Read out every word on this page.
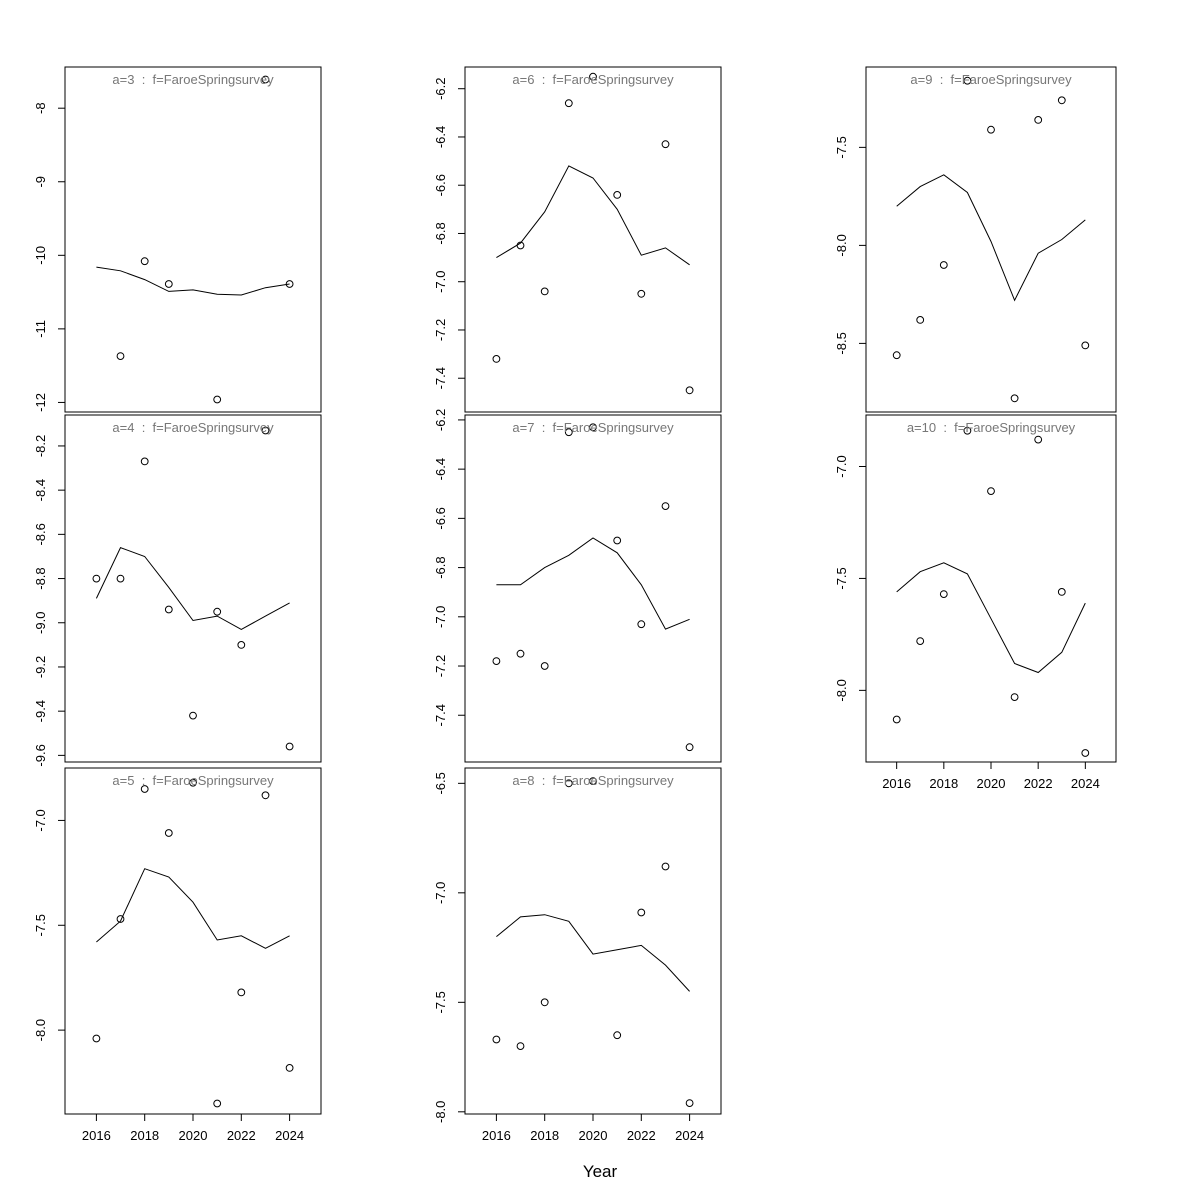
-8
-9
-10
-11
-12
a=3  :  f=FaroeSpringsurvey
-8.2
-8.4
-8.6
-8.8
-9.0
-9.2
-9.4
-9.6
a=4  :  f=FaroeSpringsurvey
-7.0
-7.5
-8.0
2016 2018 2020 2022 2024
a=5  :  f=FaroeSpringsurvey
-6.2
-6.4
-6.6
-6.8
-7.0
-7.2
-7.4
a=6  :  f=FaroeSpringsurvey
-6.2
-6.4
-6.6
-6.8
-7.0
-7.2
-7.4
a=7  :  f=FaroeSpringsurvey
-6.5
-7.0
-7.5
-8.0
2016 2018 2020 2022 2024
a=8  :  f=FaroeSpringsurvey
-7.5
-8.0
-8.5
a=9  :  f=FaroeSpringsurvey
-7.0
-7.5
-8.0
2016 2018 2020 2022 2024
a=10  :  f=FaroeSpringsurvey
Year
